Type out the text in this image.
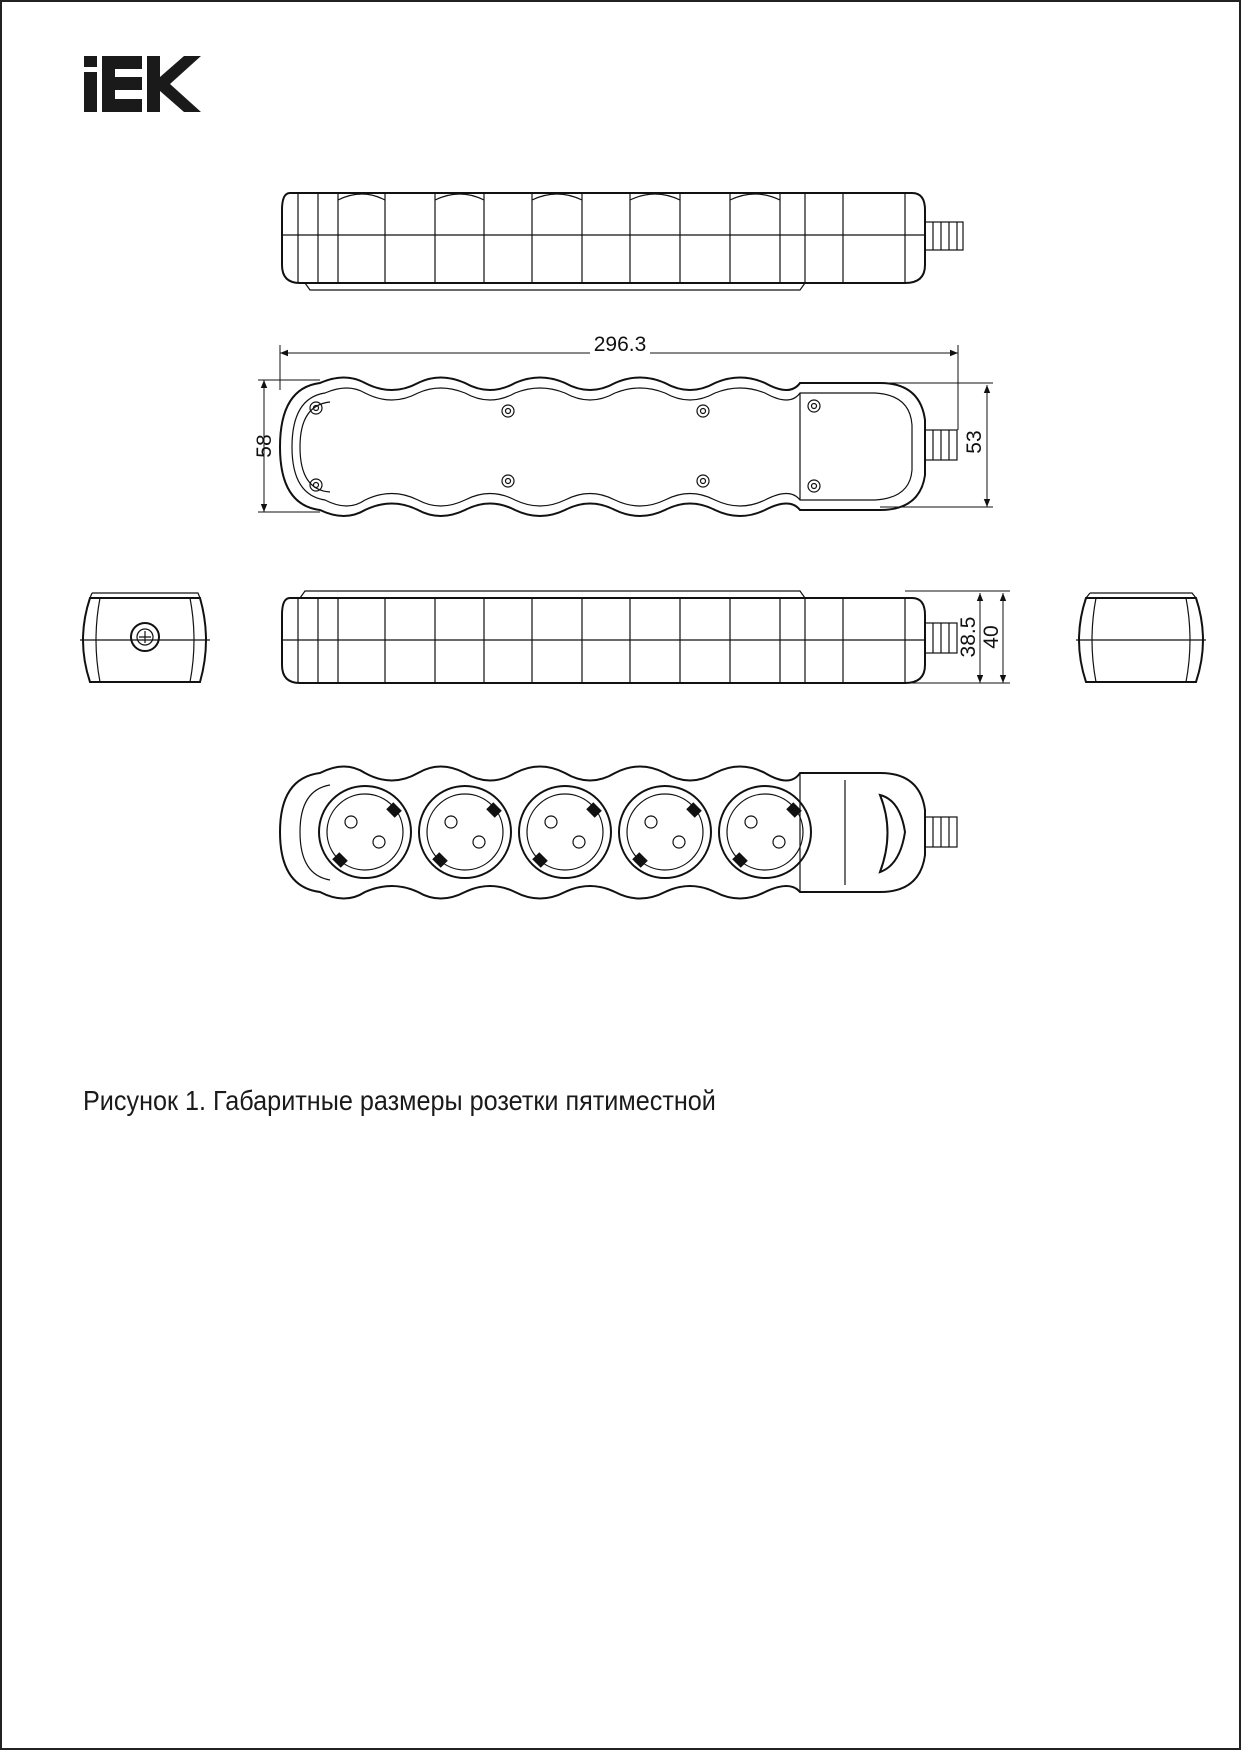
296.3
58	53
38.5 40
Рисунок 1. Габаритные размеры розетки пятиместной
